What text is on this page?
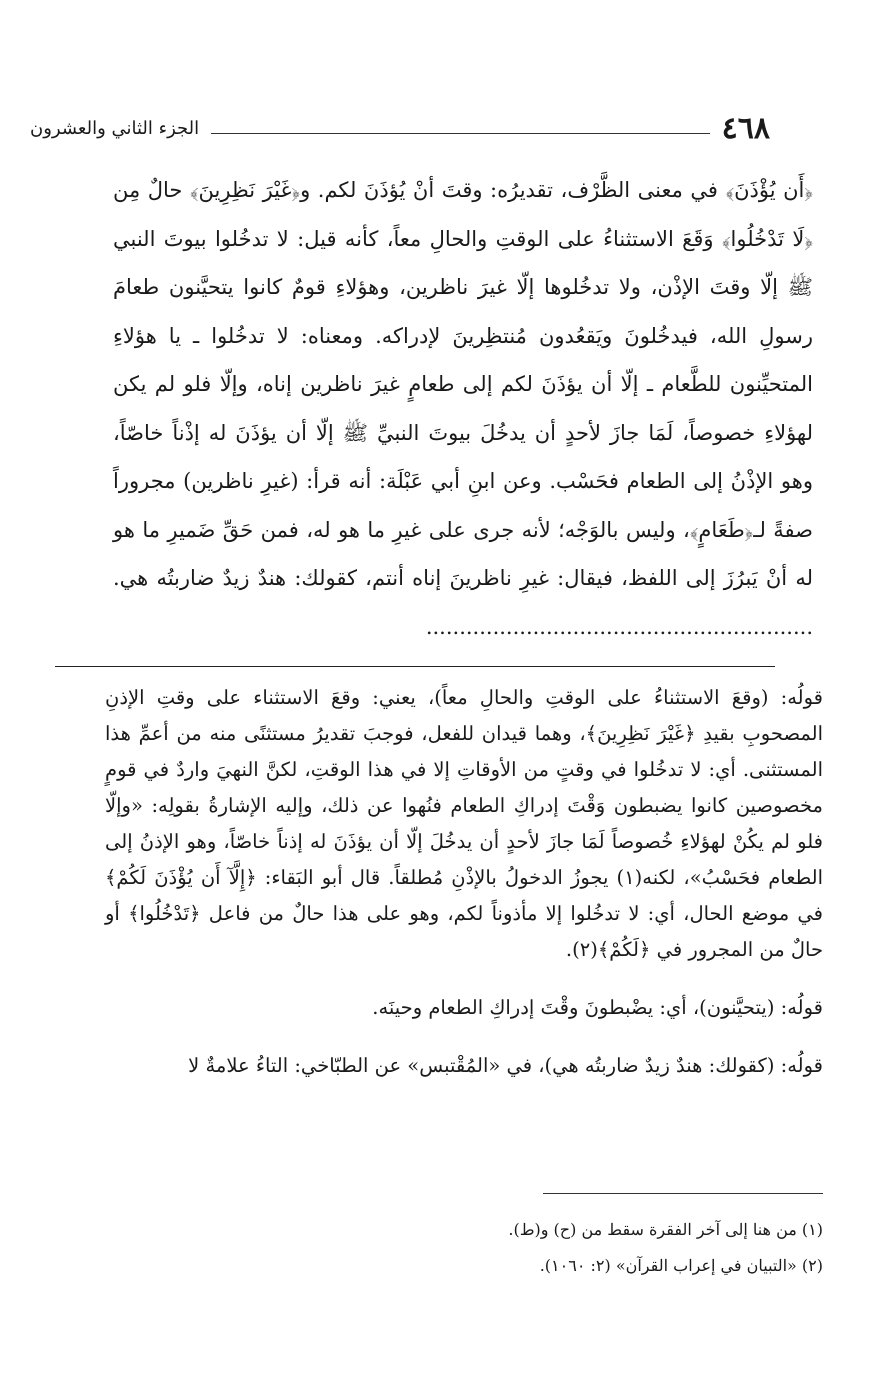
٤٦٨
الجزء الثاني والعشرون
﴿أَن يُؤْذَنَ﴾ في معنى الظَّرْف، تقديرُه: وقتَ أنْ يُؤذَنَ لكم. و﴿غَيْرَ نَظِرِينَ﴾ حالٌ مِن ﴿لَا تَدْخُلُوا﴾ وَقَعَ الاستثناءُ على الوقتِ والحالِ معاً، كأنه قيل: لا تدخُلوا بيوتَ النبي ﷺ إلّا وقتَ الإذْن، ولا تدخُلوها إلّا غيرَ ناظرين، وهؤلاءِ قومٌ كانوا يتحيَّنون طعامَ رسولِ الله، فيدخُلونَ ويَقعُدون مُنتظِرينَ لإدراكه. ومعناه: لا تدخُلوا ـ يا هؤلاءِ المتحيِّنون للطَّعام ـ إلّا أن يؤذَنَ لكم إلى طعامٍ غيرَ ناظرين إناه، وإلّا فلو لم يكن لهؤلاءِ خصوصاً، لَمَا جازَ لأحدٍ أن يدخُلَ بيوتَ النبيِّ ﷺ إلّا أن يؤذَنَ له إذْناً خاصّاً، وهو الإذْنُ إلى الطعام فحَسْب. وعن ابنِ أبي عَبْلَة: أنه قرأ: (غيرِ ناظرين) مجروراً صفةً لـ﴿طَعَامٍ﴾، وليس بالوَجْه؛ لأنه جرى على غيرِ ما هو له، فمن حَقِّ ضَميرِ ما هو له أنْ يَبرُزَ إلى اللفظ، فيقال: غيرِ ناظرينَ إناه أنتم، كقولك: هندٌ زيدٌ ضاربتُه هي. ..........................................................

قولُه: (وقعَ الاستثناءُ على الوقتِ والحالِ معاً)، يعني: وقعَ الاستثناء على وقتِ الإذنِ المصحوبِ بقيدِ ﴿غَيْرَ نَظِرِينَ﴾، وهما قيدان للفعل، فوجبَ تقديرُ مستثنًى منه من أعمِّ هذا المستثنى. أي: لا تدخُلوا في وقتٍ من الأوقاتِ إلا في هذا الوقتِ، لكنَّ النهيَ واردٌ في قومٍ مخصوصين كانوا يضبطون وَقْتَ إدراكِ الطعام فنُهوا عن ذلك، وإليه الإشارةُ بقولِه: «وإلّا فلو لم يكُنْ لهؤلاءِ خُصوصاً لَمَا جازَ لأحدٍ أن يدخُلَ إلّا أن يؤذَنَ له إذناً خاصّاً، وهو الإذنُ إلى الطعام فحَسْبُ»، لكنه(١) يجوزُ الدخولُ بالإذْنِ مُطلقاً. قال أبو البَقاء: ﴿إِلَّآ أَن يُؤْذَنَ لَكُمْ﴾ في موضع الحال، أي: لا تدخُلوا إلا مأذوناً لكم، وهو على هذا حالٌ من فاعل ﴿تَدْخُلُوا﴾ أو حالٌ من المجرور في ﴿لَكُمْ﴾(٢).

قولُه: (يتحيَّنون)، أي: يضْبطونَ وقْتَ إدراكِ الطعام وحينَه.

قولُه: (كقولك: هندٌ زيدٌ ضاربتُه هي)، في «المُقْتبس» عن الطبّاخي: التاءُ علامةٌ لا

(١) من هنا إلى آخر الفقرة سقط من (ح) و(ط).

(٢) «التبيان في إعراب القرآن» (٢: ١٠٦٠).
